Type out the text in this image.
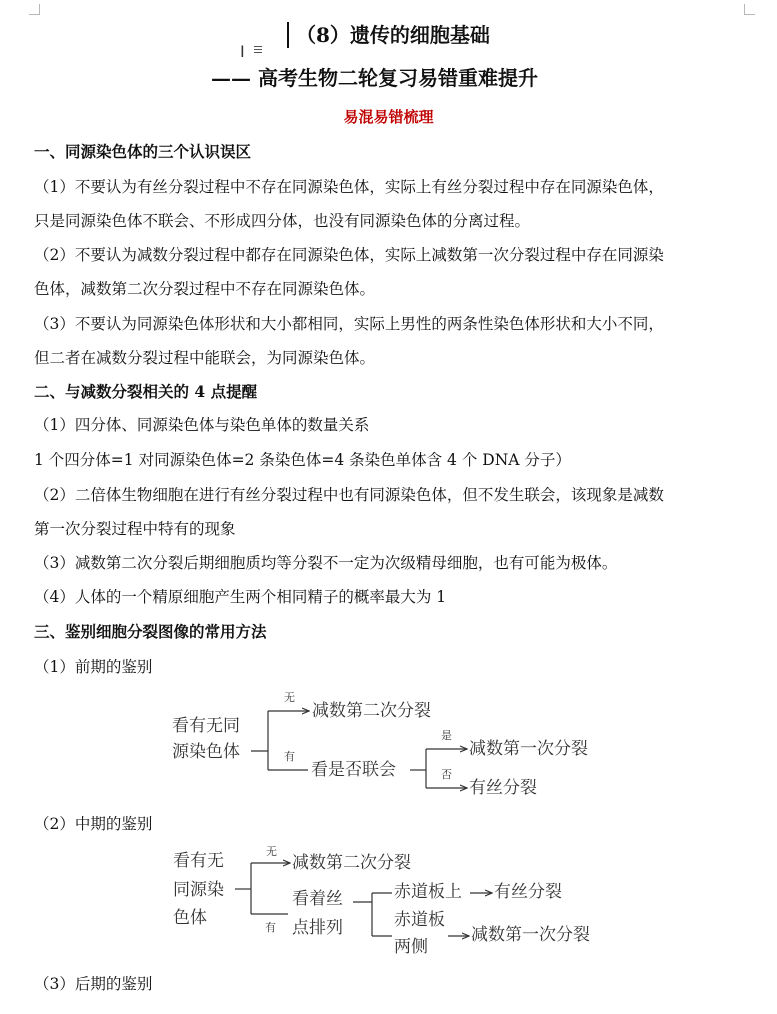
I
（8）遗传的细胞基础
—— 高考生物二轮复习易错重难提升
易混易错梳理
一、同源染色体的三个认识误区
（1）不要认为有丝分裂过程中不存在同源染色体，实际上有丝分裂过程中存在同源染色体，
只是同源染色体不联会、不形成四分体，也没有同源染色体的分离过程。
（2）不要认为减数分裂过程中都存在同源染色体，实际上减数第一次分裂过程中存在同源染
色体，减数第二次分裂过程中不存在同源染色体。
（3）不要认为同源染色体形状和大小都相同，实际上男性的两条性染色体形状和大小不同，
但二者在减数分裂过程中能联会，为同源染色体。
二、与减数分裂相关的 4 点提醒
（1）四分体、同源染色体与染色单体的数量关系
1 个四分体=1 对同源染色体=2 条染色体=4 条染色单体含 4 个 DNA 分子）
（2）二倍体生物细胞在进行有丝分裂过程中也有同源染色体，但不发生联会，该现象是减数
第一次分裂过程中特有的现象
（3）减数第二次分裂后期细胞质均等分裂不一定为次级精母细胞，也有可能为极体。
（4）人体的一个精原细胞产生两个相同精子的概率最大为 1
三、鉴别细胞分裂图像的常用方法
（1）前期的鉴别
看有无同
源染色体
无
减数第二次分裂
有
看是否联会
是
减数第一次分裂
否
有丝分裂
（2）中期的鉴别
看有无
同源染
色体
无
减数第二次分裂
有
看着丝
点排列
赤道板上 有丝分裂
赤道板
两侧
减数第一次分裂
（3）后期的鉴别
